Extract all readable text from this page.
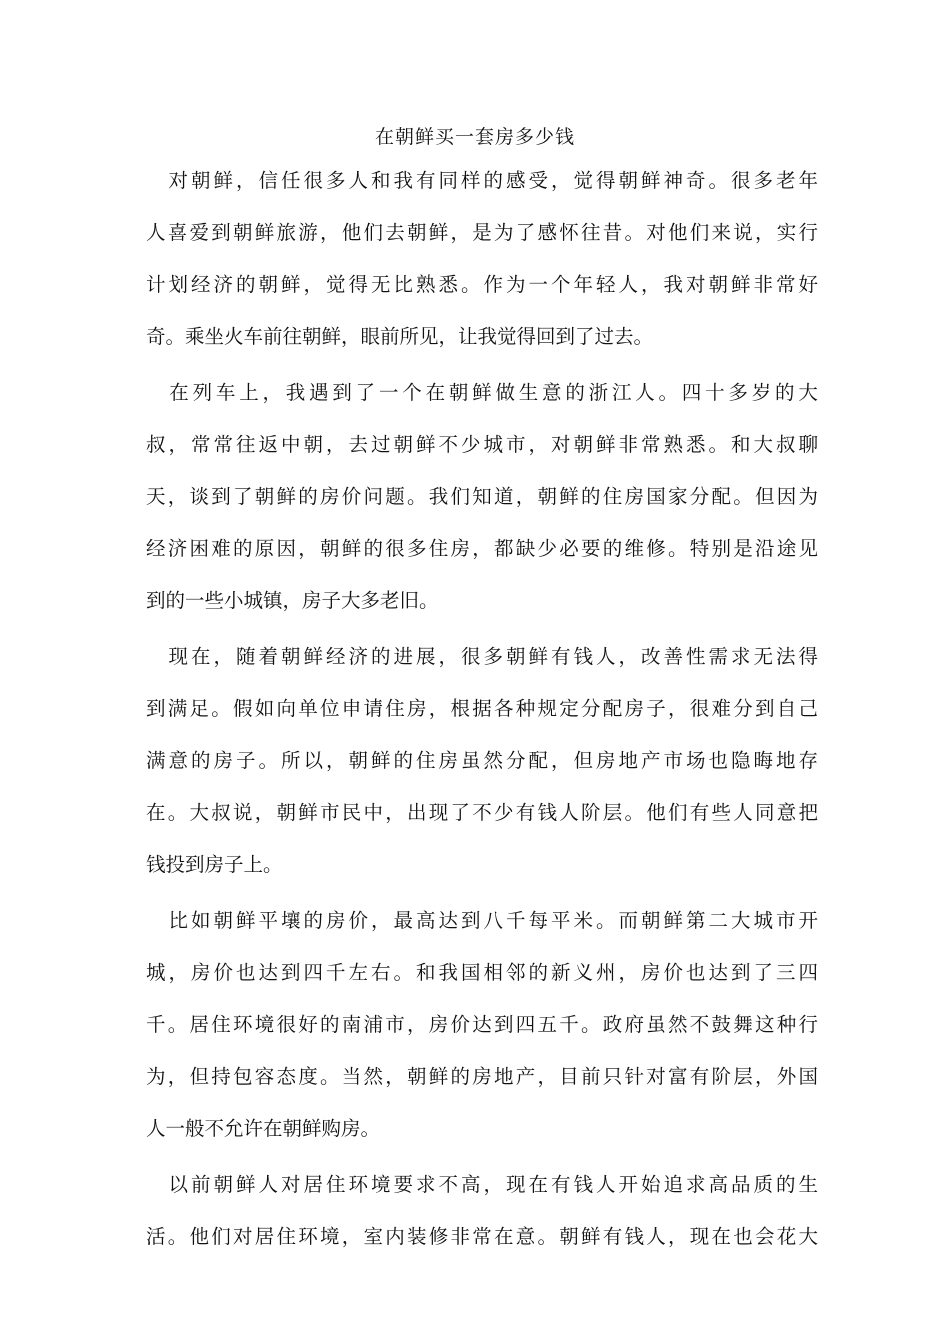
在朝鲜买一套房多少钱

对 朝 鲜 ， 信 任 很 多 人 和 我 有 同 样 的 感 受 ， 觉 得 朝 鲜 神 奇 。 很 多 老 年
人 喜 爱 到 朝 鲜 旅 游 ， 他 们 去 朝 鲜 ， 是 为 了 感 怀 往 昔 。 对 他 们 来 说 ， 实 行
计 划 经 济 的 朝 鲜 ， 觉 得 无 比 熟 悉 。 作 为 一 个 年 轻 人 ， 我 对 朝 鲜 非 常 好
奇 。 乘 坐 火 车 前 往 朝 鲜 ， 眼 前 所 见 ， 让 我 觉 得 回 到 了 过 去 。

在 列 车 上 ， 我 遇 到 了 一 个 在 朝 鲜 做 生 意 的 浙 江 人 。 四 十 多 岁 的 大
叔 ， 常 常 往 返 中 朝 ， 去 过 朝 鲜 不 少 城 市 ， 对 朝 鲜 非 常 熟 悉 。 和 大 叔 聊
天 ， 谈 到 了 朝 鲜 的 房 价 问 题 。 我 们 知 道 ， 朝 鲜 的 住 房 国 家 分 配 。 但 因 为
经 济 困 难 的 原 因 ， 朝 鲜 的 很 多 住 房 ， 都 缺 少 必 要 的 维 修 。 特 别 是 沿 途 见
到 的 一 些 小 城 镇 ， 房 子 大 多 老 旧 。

现 在 ， 随 着 朝 鲜 经 济 的 进 展 ， 很 多 朝 鲜 有 钱 人 ， 改 善 性 需 求 无 法 得
到 满 足 。 假 如 向 单 位 申 请 住 房 ， 根 据 各 种 规 定 分 配 房 子 ， 很 难 分 到 自 己
满 意 的 房 子 。 所 以 ， 朝 鲜 的 住 房 虽 然 分 配 ， 但 房 地 产 市 场 也 隐 晦 地 存
在 。 大 叔 说 ， 朝 鲜 市 民 中 ， 出 现 了 不 少 有 钱 人 阶 层 。 他 们 有 些 人 同 意 把
钱 投 到 房 子 上 。

比 如 朝 鲜 平 壤 的 房 价 ， 最 高 达 到 八 千 每 平 米 。 而 朝 鲜 第 二 大 城 市 开
城 ， 房 价 也 达 到 四 千 左 右 。 和 我 国 相 邻 的 新 义 州 ， 房 价 也 达 到 了 三 四
千 。 居 住 环 境 很 好 的 南 浦 市 ， 房 价 达 到 四 五 千 。 政 府 虽 然 不 鼓 舞 这 种 行
为 ， 但 持 包 容 态 度 。 当 然 ， 朝 鲜 的 房 地 产 ， 目 前 只 针 对 富 有 阶 层 ， 外 国
人 一 般 不 允 许 在 朝 鲜 购 房 。

以 前 朝 鲜 人 对 居 住 环 境 要 求 不 高 ， 现 在 有 钱 人 开 始 追 求 高 品 质 的 生
活 。 他 们 对 居 住 环 境 ， 室 内 装 修 非 常 在 意 。 朝 鲜 有 钱 人 ， 现 在 也 会 花 大
